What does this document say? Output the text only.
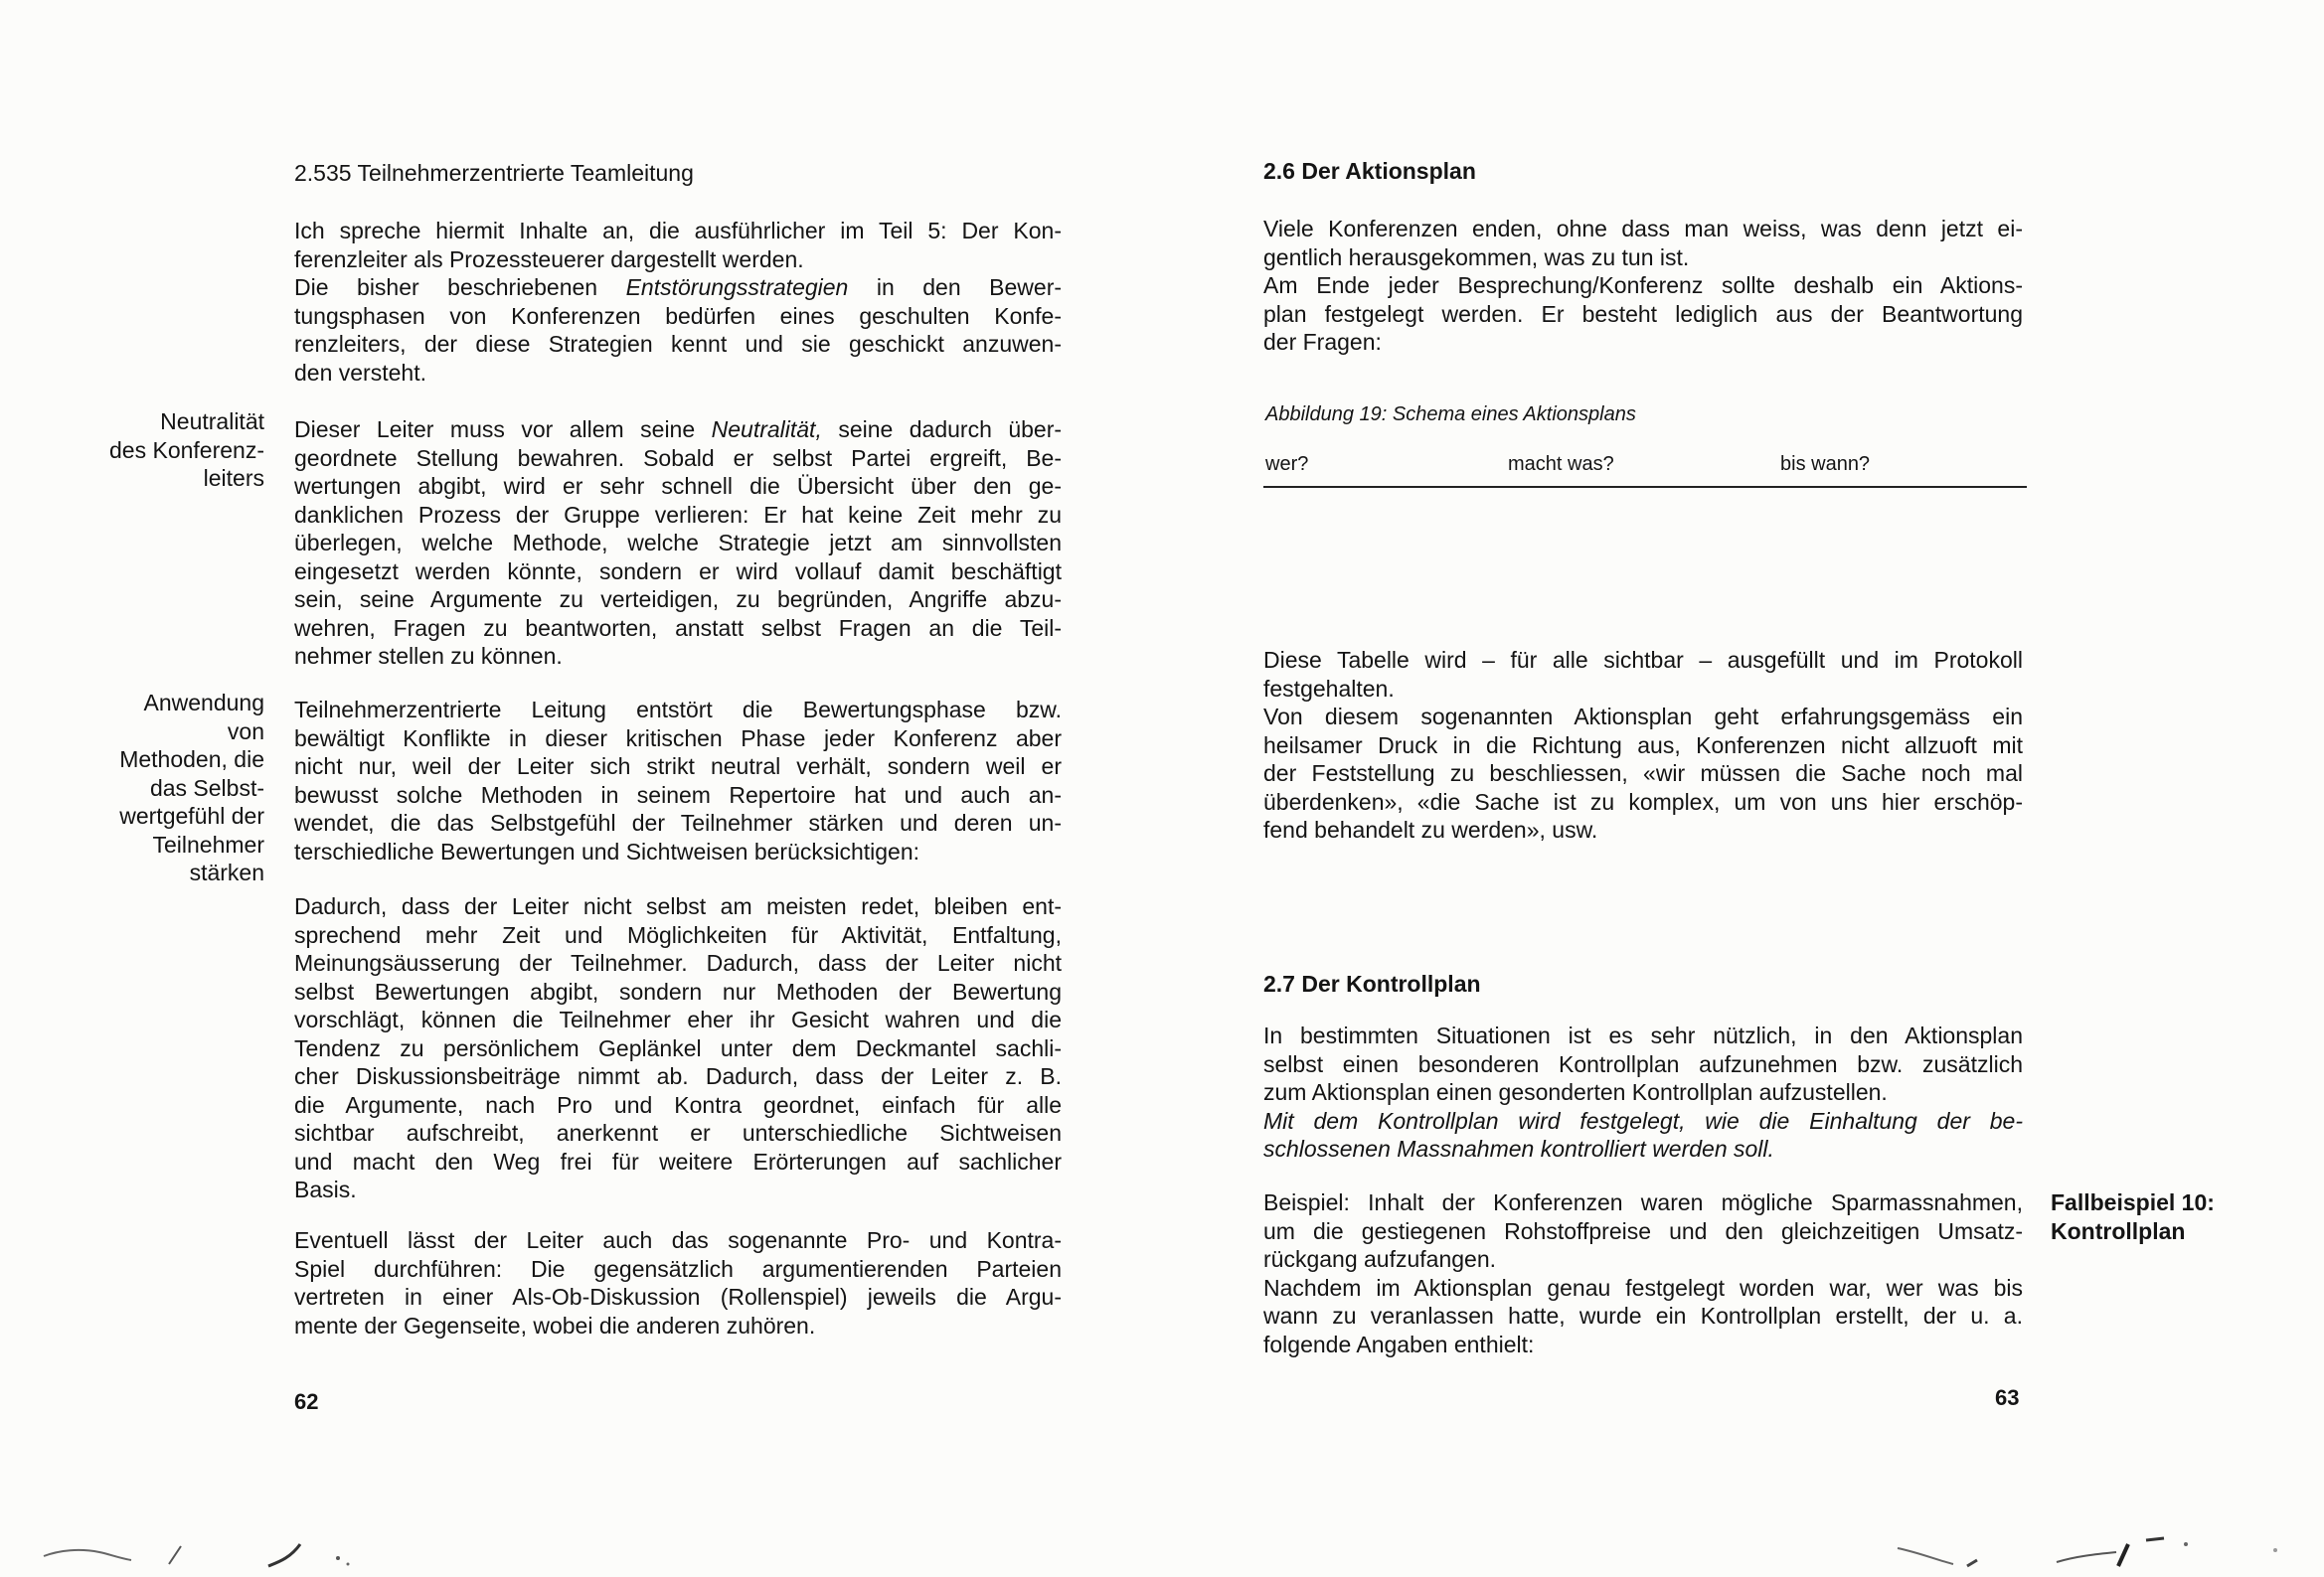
2.535 Teilnehmerzentrierte Teamleitung
Ich spreche hiermit Inhalte an, die ausführlicher im Teil 5: Der Kon-
ferenzleiter als Prozessteuerer dargestellt werden.
Die bisher beschriebenen Entstörungsstrategien in den Bewer-
tungsphasen von Konferenzen bedürfen eines geschulten Konfe-
renzleiters, der diese Strategien kennt und sie geschickt anzuwen-
den versteht.
Neutralität
des Konferenz-
leiters
Dieser Leiter muss vor allem seine Neutralität, seine dadurch über-
geordnete Stellung bewahren. Sobald er selbst Partei ergreift, Be-
wertungen abgibt, wird er sehr schnell die Übersicht über den ge-
danklichen Prozess der Gruppe verlieren: Er hat keine Zeit mehr zu
überlegen, welche Methode, welche Strategie jetzt am sinnvollsten
eingesetzt werden könnte, sondern er wird vollauf damit beschäftigt
sein, seine Argumente zu verteidigen, zu begründen, Angriffe abzu-
wehren, Fragen zu beantworten, anstatt selbst Fragen an die Teil-
nehmer stellen zu können.
Anwendung
von
Methoden, die
das Selbst-
wertgefühl der
Teilnehmer
stärken
Teilnehmerzentrierte Leitung entstört die Bewertungsphase bzw.
bewältigt Konflikte in dieser kritischen Phase jeder Konferenz aber
nicht nur, weil der Leiter sich strikt neutral verhält, sondern weil er
bewusst solche Methoden in seinem Repertoire hat und auch an-
wendet, die das Selbstgefühl der Teilnehmer stärken und deren un-
terschiedliche Bewertungen und Sichtweisen berücksichtigen:
Dadurch, dass der Leiter nicht selbst am meisten redet, bleiben ent-
sprechend mehr Zeit und Möglichkeiten für Aktivität, Entfaltung,
Meinungsäusserung der Teilnehmer. Dadurch, dass der Leiter nicht
selbst Bewertungen abgibt, sondern nur Methoden der Bewertung
vorschlägt, können die Teilnehmer eher ihr Gesicht wahren und die
Tendenz zu persönlichem Geplänkel unter dem Deckmantel sachli-
cher Diskussionsbeiträge nimmt ab. Dadurch, dass der Leiter z. B.
die Argumente, nach Pro und Kontra geordnet, einfach für alle
sichtbar aufschreibt, anerkennt er unterschiedliche Sichtweisen
und macht den Weg frei für weitere Erörterungen auf sachlicher
Basis.
Eventuell lässt der Leiter auch das sogenannte Pro- und Kontra-
Spiel durchführen: Die gegensätzlich argumentierenden Parteien
vertreten in einer Als-Ob-Diskussion (Rollenspiel) jeweils die Argu-
mente der Gegenseite, wobei die anderen zuhören.
62
2.6 Der Aktionsplan
Viele Konferenzen enden, ohne dass man weiss, was denn jetzt ei-
gentlich herausgekommen, was zu tun ist.
Am Ende jeder Besprechung/Konferenz sollte deshalb ein Aktions-
plan festgelegt werden. Er besteht lediglich aus der Beantwortung
der Fragen:
Abbildung 19: Schema eines Aktionsplans
wer?	macht was?	bis wann?
Diese Tabelle wird – für alle sichtbar – ausgefüllt und im Protokoll
festgehalten.
Von diesem sogenannten Aktionsplan geht erfahrungsgemäss ein
heilsamer Druck in die Richtung aus, Konferenzen nicht allzuoft mit
der Feststellung zu beschliessen, «wir müssen die Sache noch mal
überdenken», «die Sache ist zu komplex, um von uns hier erschöp-
fend behandelt zu werden», usw.
2.7 Der Kontrollplan
In bestimmten Situationen ist es sehr nützlich, in den Aktionsplan
selbst einen besonderen Kontrollplan aufzunehmen bzw. zusätzlich
zum Aktionsplan einen gesonderten Kontrollplan aufzustellen.
Mit dem Kontrollplan wird festgelegt, wie die Einhaltung der be-
schlossenen Massnahmen kontrolliert werden soll.
Beispiel: Inhalt der Konferenzen waren mögliche Sparmassnahmen,
um die gestiegenen Rohstoffpreise und den gleichzeitigen Umsatz-
rückgang aufzufangen.
Nachdem im Aktionsplan genau festgelegt worden war, wer was bis
wann zu veranlassen hatte, wurde ein Kontrollplan erstellt, der u. a.
folgende Angaben enthielt:
Fallbeispiel 10:
Kontrollplan
63
